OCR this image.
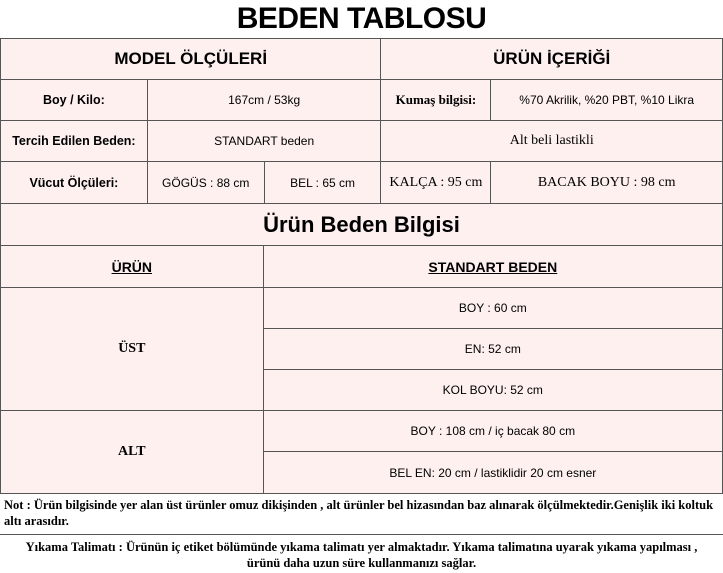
BEDEN TABLOSU
MODEL ÖLÇÜLERİ			ÜRÜN İÇERİĞİ	
Boy / Kilo:	167cm / 53kg		Kumaş bilgisi:	%70 Akrilik, %20 PBT, %10 Likra
Tercih Edilen Beden:	STANDART beden		Alt beli lastikli	
Vücut Ölçüleri:	GÖGÜS : 88 cm	BEL : 65 cm	KALÇA : 95 cm	BACAK BOYU : 98 cm
Ürün Beden Bilgisi	
ÜRÜN	STANDART BEDEN
ÜST	BOY : 60 cm
	EN: 52 cm
	KOL BOYU: 52 cm
ALT	BOY : 108 cm / iç bacak 80 cm
	BEL EN: 20 cm / lastiklidir 20 cm esner
Not : Ürün bilgisinde yer alan üst ürünler omuz dikişinden , alt ürünler bel hizasından baz alınarak ölçülmektedir.Genişlik iki koltuk altı arasıdır.
Yıkama Talimatı : Ürünün iç etiket bölümünde yıkama talimatı yer almaktadır. Yıkama talimatına uyarak yıkama yapılması , ürünü daha uzun süre kullanmanızı sağlar.
